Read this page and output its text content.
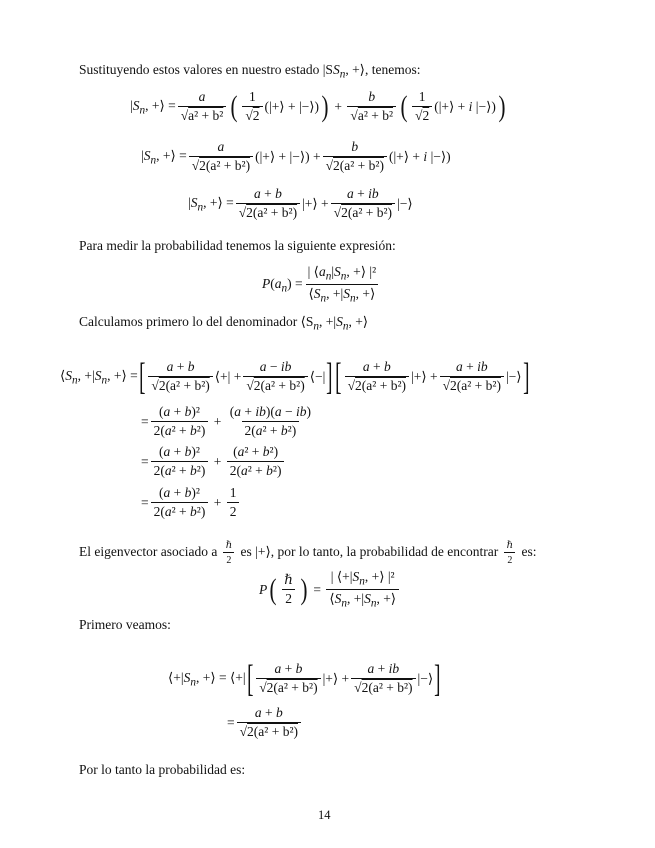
Sustituyendo estos valores en nuestro estado $|SS_n$, +⟩, tenemos:
$|S_n$, +⟩ = $\frac{a}{\text{√a² + b²}}$ ( $\frac{1}{√2}$ (|+⟩ + |−⟩) ) + $\frac{b}{\text{√a² + b²}}$ ( $\frac{1}{√2}$ (|+⟩ + i |−⟩) )
$|S_n$, +⟩ = $\frac{a}{\text{√2(a² + b²)}}$ (|+⟩ + |−⟩) + $\frac{b}{\text{√2(a² + b²)}}$ (|+⟩ + i |−⟩)
$|S_n$, +⟩ = $\frac{a + b}{\text{√2(a² + b²)}}$ |+⟩ + $\frac{a + ib}{\text{√2(a² + b²)}}$ |−⟩
Para medir la probabilidad tenemos la siguiente expresión:
$P(a_n) = \frac{| ⟨a_n|S_n, +⟩ |^2}{⟨S_n, +|S_n, +⟩}$
Calculamos primero lo del denominador $⟨S_n$, $+|S_n$, +⟩
$⟨S_n$, $+|S_n$, +⟩ = [ $\frac{a + b}{\text{√2(a² + b²)}}$ ⟨+| + $\frac{a - ib}{\text{√2(a² + b²)}}$ ⟨−| ] [ $\frac{a + b}{\text{√2(a² + b²)}}$ |+⟩ + $\frac{a + ib}{\text{√2(a² + b²)}}$ |−⟩ ]
= $\frac{\text{(a + b)²}}{\text{2(a² + b²)}} + \frac{(a + ib)(a - ib)}{\text{2(a² + b²)}}$
= $\frac{\text{(a + b)²}}{\text{2(a² + b²)}} + \frac{\text{(a² + b²)}}{\text{2(a² + b²)}}$
= $\frac{\text{(a + b)²}}{\text{2(a² + b²)}} + \frac{1}{2}$
El eigenvector asociado a $\frac{\text{ℏ}}{2}$ es |+⟩, por lo tanto, la probabilidad de encontrar $\frac{\text{ℏ}}{2}$ es:
P ( $\frac{\text{ℏ}}{2}$ ) = $\frac{| ⟨+|S_n, +⟩ |^2}{⟨S_n, +|S_n, +⟩}$
Primero veamos:
$⟨+|S_n$, +⟩ = ⟨+| [ $\frac{a + b}{\text{√2(a² + b²)}}$ |+⟩ + $\frac{a + ib}{\text{√2(a² + b²)}}$ |−⟩ ]
= $\frac{a + b}{\text{√2(a² + b²)}}$
Por lo tanto la probabilidad es:
14
